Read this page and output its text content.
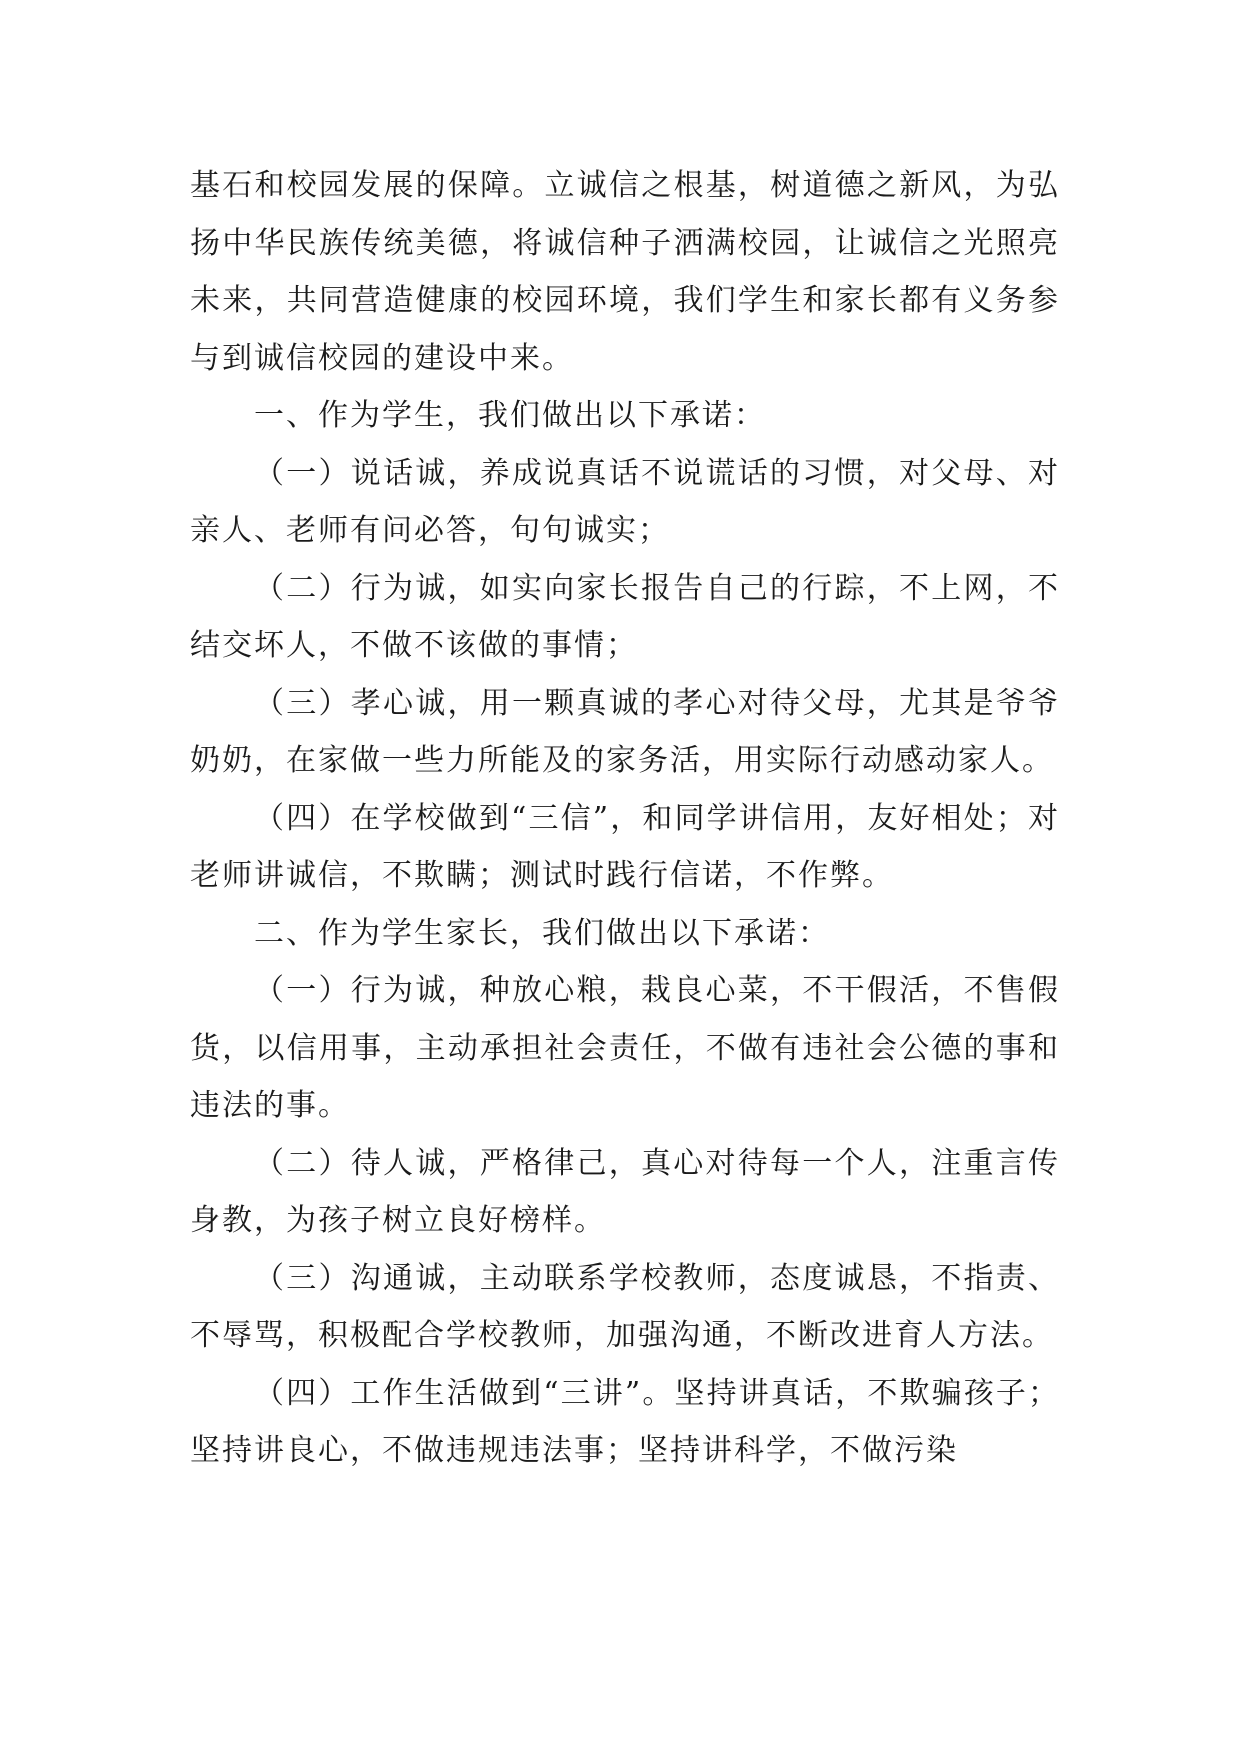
基石和校园发展的保障。立诚信之根基，树道德之新风，为弘扬中华民族传统美德，将诚信种子洒满校园，让诚信之光照亮未来，共同营造健康的校园环境，我们学生和家长都有义务参与到诚信校园的建设中来。

一、作为学生，我们做出以下承诺：

（一）说话诚，养成说真话不说谎话的习惯，对父母、对亲人、老师有问必答，句句诚实；

（二）行为诚，如实向家长报告自己的行踪，不上网，不结交坏人，不做不该做的事情；

（三）孝心诚，用一颗真诚的孝心对待父母，尤其是爷爷奶奶，在家做一些力所能及的家务活，用实际行动感动家人。

（四）在学校做到“三信”，和同学讲信用，友好相处；对老师讲诚信，不欺瞒；测试时践行信诺，不作弊。

二、作为学生家长，我们做出以下承诺：

（一）行为诚，种放心粮，栽良心菜，不干假活，不售假货，以信用事，主动承担社会责任，不做有违社会公德的事和违法的事。

（二）待人诚，严格律己，真心对待每一个人，注重言传身教，为孩子树立良好榜样。

（三）沟通诚，主动联系学校教师，态度诚恳，不指责、不辱骂，积极配合学校教师，加强沟通，不断改进育人方法。

（四）工作生活做到“三讲”。坚持讲真话，不欺骗孩子；坚持讲良心，不做违规违法事；坚持讲科学，不做污染
